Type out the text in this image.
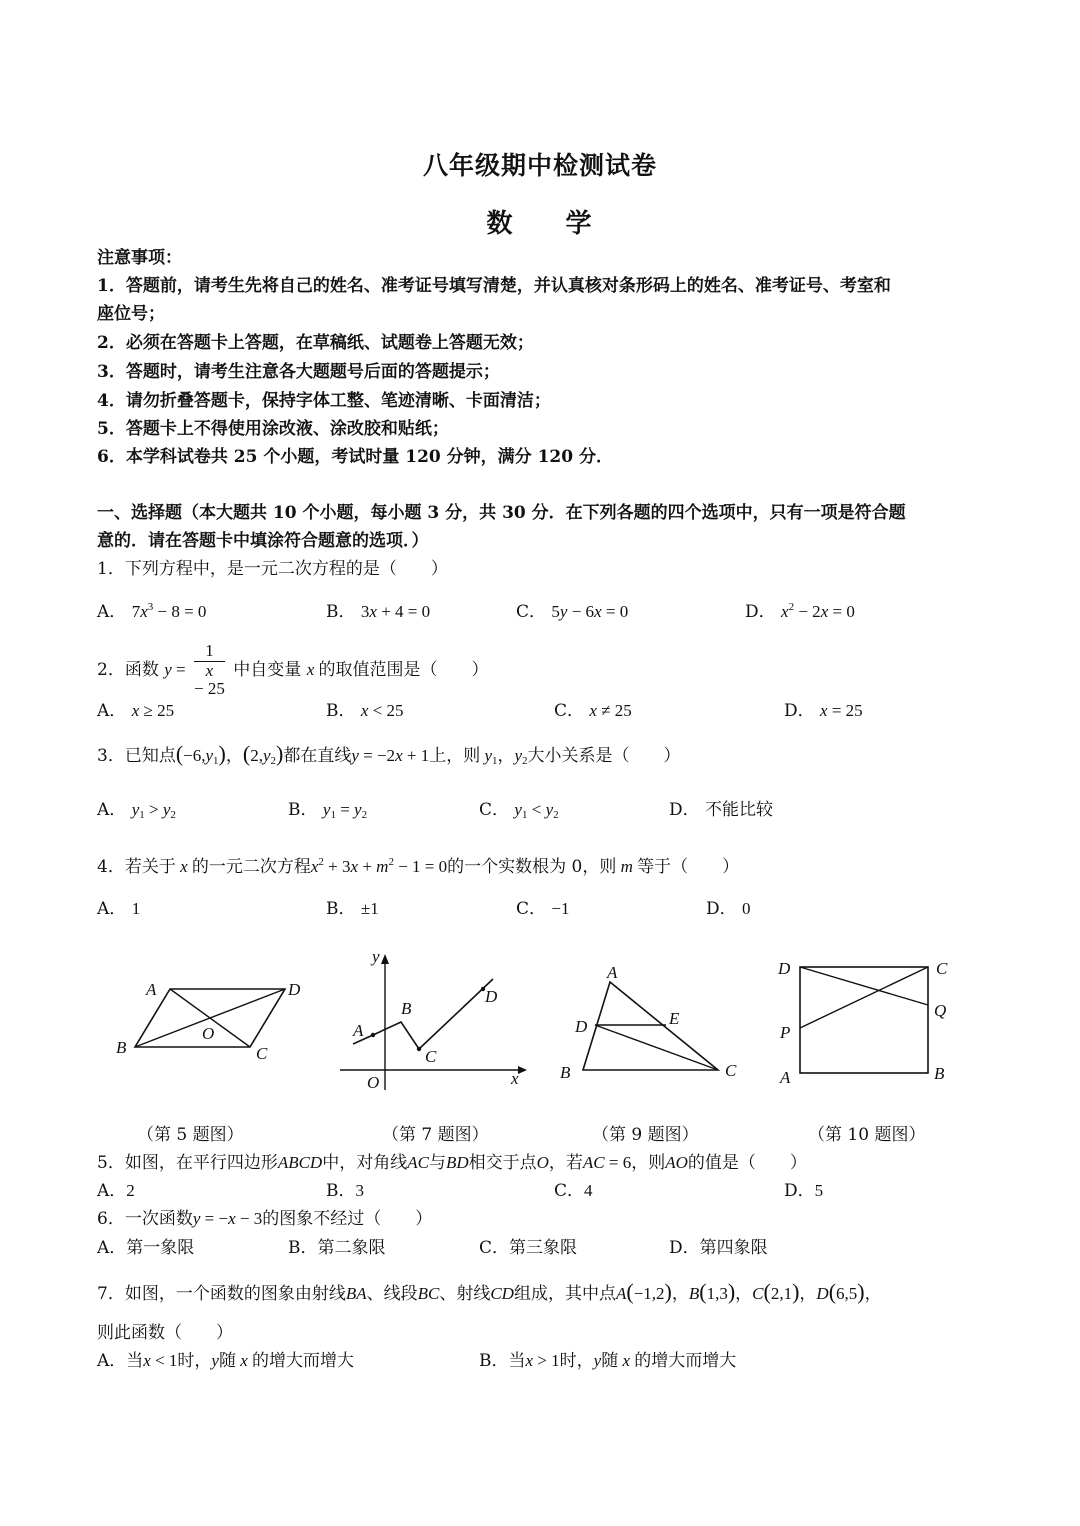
八年级期中检测试卷
数 学
注意事项：
1．答题前，请考生先将自己的姓名、准考证号填写清楚，并认真核对条形码上的姓名、准考证号、考室和
座位号；
2．必须在答题卡上答题，在草稿纸、试题卷上答题无效；
3．答题时，请考生注意各大题题号后面的答题提示；
4．请勿折叠答题卡，保持字体工整、笔迹清晰、卡面清洁；
5．答题卡上不得使用涂改液、涂改胶和贴纸；
6．本学科试卷共 25 个小题，考试时量 120 分钟，满分 120 分．
一、选择题（本大题共 10 个小题，每小题 3 分，共 30 分．在下列各题的四个选项中，只有一项是符合题
意的．请在答题卡中填涂符合题意的选项．）
1．下列方程中，是一元二次方程的是（　　）
A． $7x^3 - 8 = 0$	B． 3x + 4 = 0	C． 5y − 6x = 0	D． $x^2 - 2x = 0$
2．函数 y = 1
x
− 25 中自变量 x 的取值范围是（　　）
A． x ≥ 25	B． x < 25	C． x ≠ 25	D． x = 25
3．已知点$(-6,y_1)$，$(2,y_2)$都在直线y = −2x + 1上，则 $y_1$，$y_2$大小关系是（　　）
A． $y_1 > y_2$	B． $y_1 = y_2$	C． $y_1 < y_2$	D． 不能比较
4．若关于 x 的一元二次方程$x^2 + 3x + m^2 - 1 = 0$的一个实数根为 0，则 m 等于（　　）
A． 1	B． ±1	C． −1	D． 0
A	D
B	C
O
y
x
O
A
B
C
D
A
D	E
B	C
D	C
Q
P
A	B
（第 5 题图）	（第 7 题图）	（第 9 题图）	（第 10 题图）
5．如图，在平行四边形ABCD中，对角线AC与BD相交于点O，若AC = 6，则AO的值是（　　）
A．2	B．3	C．4	D．5
6．一次函数y = −x − 3的图象不经过（　　）
A．第一象限	B．第二象限	C．第三象限	D．第四象限
7．如图，一个函数的图象由射线BA、线段BC、射线CD组成，其中点A(−1,2)，B(1,3)，C(2,1)，D(6,5)，
则此函数（　　）
A．当x < 1时，y随 x 的增大而增大	B．当x > 1时，y随 x 的增大而增大
